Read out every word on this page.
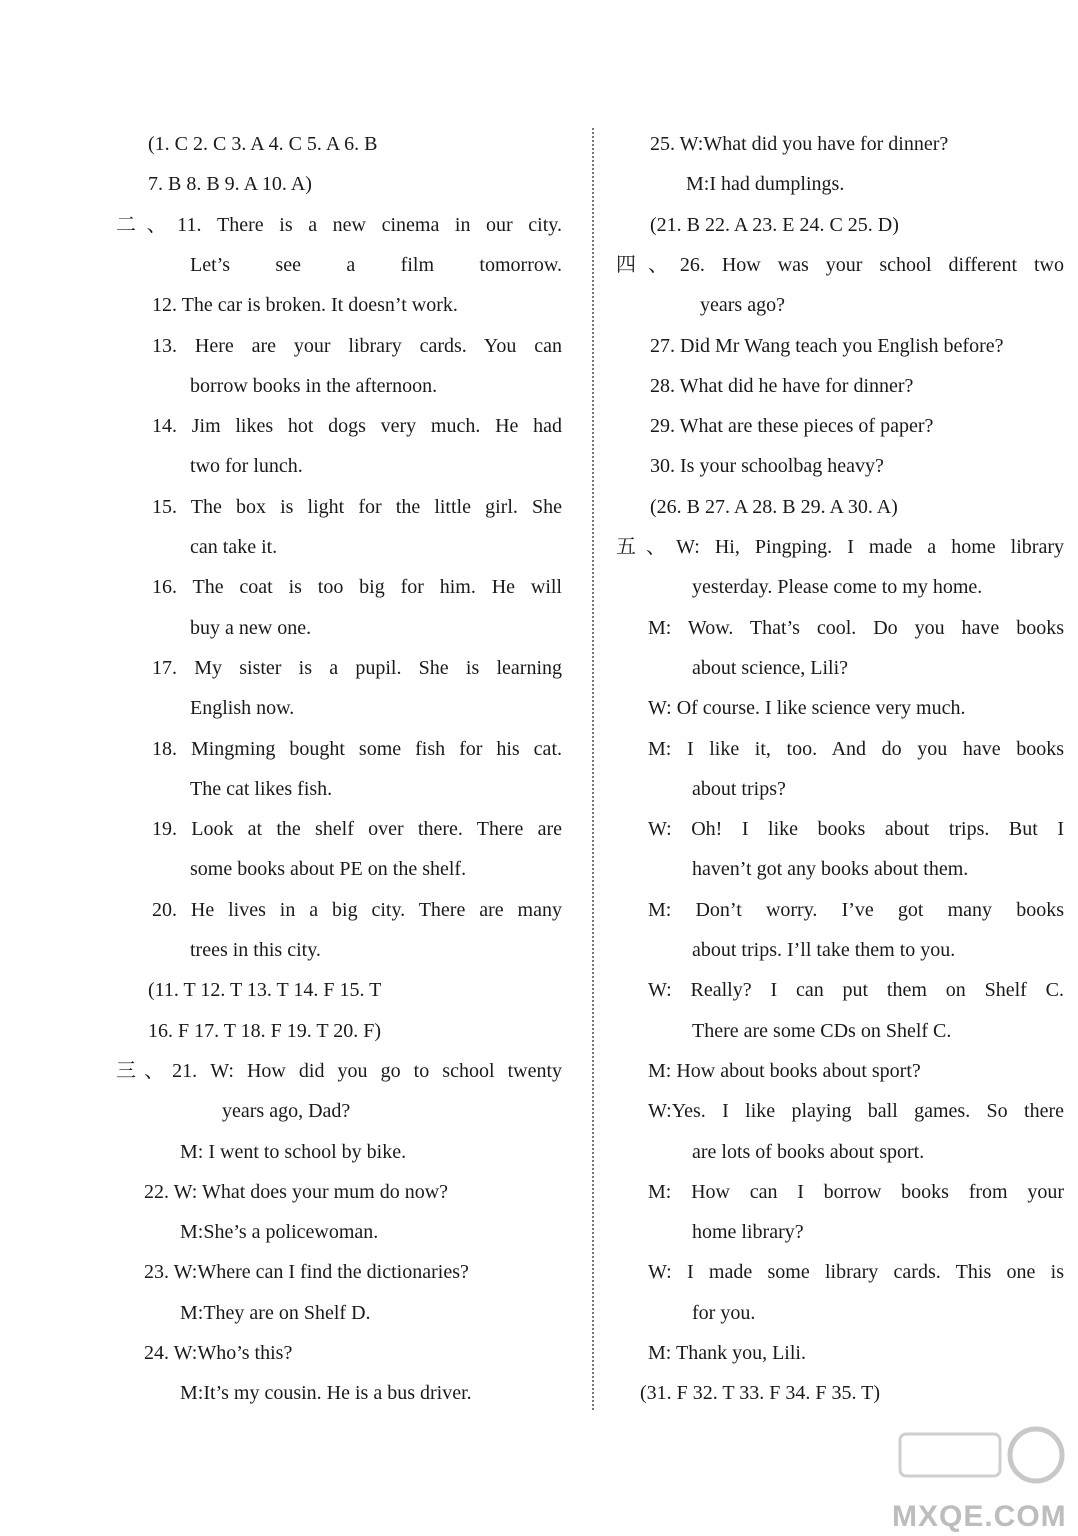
(1. C 2. C 3. A 4. C 5. A 6. B
7. B 8. B 9. A 10. A)
二、11. There is a new cinema in our city.
Let’s see a film tomorrow.
12. The car is broken. It doesn’t work.
13. Here are your library cards. You can
borrow books in the afternoon.
14. Jim likes hot dogs very much. He had
two for lunch.
15. The box is light for the little girl. She
can take it.
16. The coat is too big for him. He will
buy a new one.
17. My sister is a pupil. She is learning
English now.
18. Mingming bought some fish for his cat.
The cat likes fish.
19. Look at the shelf over there. There are
some books about PE on the shelf.
20. He lives in a big city. There are many
trees in this city.
(11. T 12. T 13. T 14. F 15. T
16. F 17. T 18. F 19. T 20. F)
三、21. W: How did you go to school twenty
years ago, Dad?
M: I went to school by bike.
22. W: What does your mum do now?
M:She’s a policewoman.
23. W:Where can I find the dictionaries?
M:They are on Shelf D.
24. W:Who’s this?
M:It’s my cousin. He is a bus driver.
25. W:What did you have for dinner?
M:I had dumplings.
(21. B 22. A 23. E 24. C 25. D)
四、26. How was your school different two
years ago?
27. Did Mr Wang teach you English before?
28. What did he have for dinner?
29. What are these pieces of paper?
30. Is your schoolbag heavy?
(26. B 27. A 28. B 29. A 30. A)
五、W: Hi, Pingping. I made a home library
yesterday. Please come to my home.
M: Wow. That’s cool. Do you have books
about science, Lili?
W: Of course. I like science very much.
M: I like it, too. And do you have books
about trips?
W: Oh! I like books about trips. But I
haven’t got any books about them.
M: Don’t worry. I’ve got many books
about trips. I’ll take them to you.
W: Really? I can put them on Shelf C.
There are some CDs on Shelf C.
M: How about books about sport?
W:Yes. I like playing ball games. So there
are lots of books about sport.
M: How can I borrow books from your
home library?
W: I made some library cards. This one is
for you.
M: Thank you, Lili.
(31. F 32. T 33. F 34. F 35. T)
MXQE.COM
